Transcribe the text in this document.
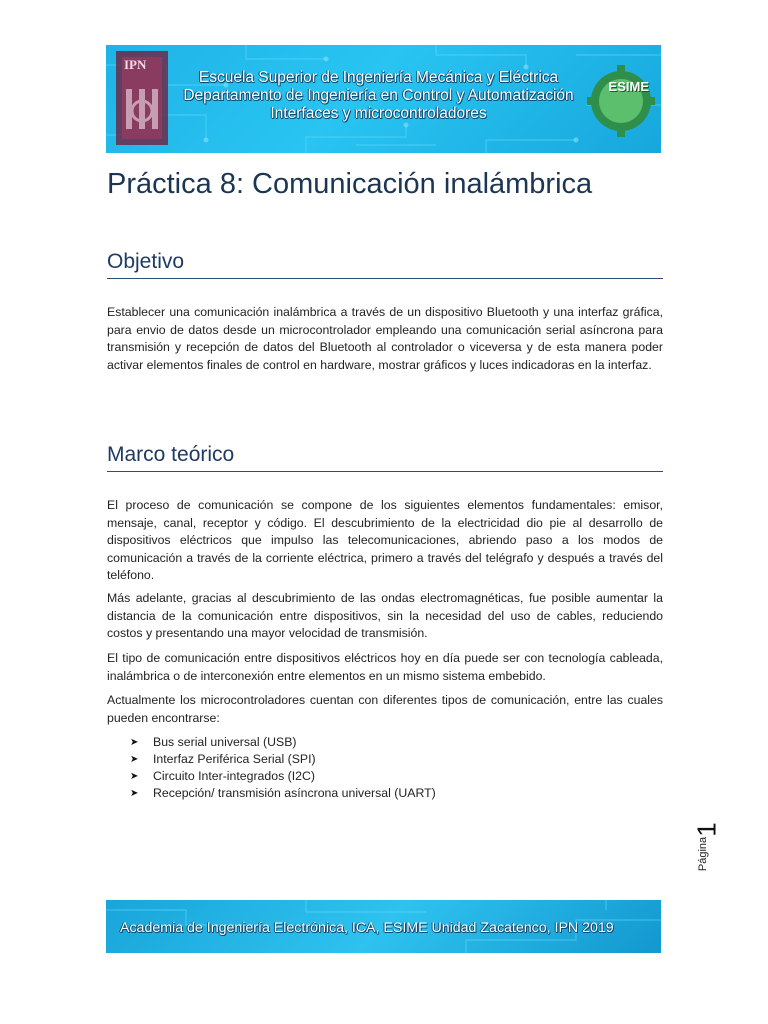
IPN
Escuela Superior de Ingeniería Mecánica y Eléctrica
Departamento de Ingeniería en Control y Automatización
Interfaces y microcontroladores
ESIME
Práctica 8: Comunicación inalámbrica
Objetivo

Establecer una comunicación inalámbrica a través de un dispositivo Bluetooth y una interfaz gráfica, para envio de datos desde un microcontrolador empleando una comunicación serial asíncrona para transmisión y recepción de datos del Bluetooth al controlador o viceversa y de esta manera poder activar elementos finales de control en hardware, mostrar gráficos y luces indicadoras en la interfaz.

Marco teórico

El proceso de comunicación se compone de los siguientes elementos fundamentales: emisor, mensaje, canal, receptor y código. El descubrimiento de la electricidad dio pie al desarrollo de dispositivos eléctricos que impulso las telecomunicaciones, abriendo paso a los modos de comunicación a través de la corriente eléctrica, primero a través del telégrafo y después a través del teléfono.

Más adelante, gracias al descubrimiento de las ondas electromagnéticas, fue posible aumentar la distancia de la comunicación entre dispositivos, sin la necesidad del uso de cables, reduciendo costos y presentando una mayor velocidad de transmisión.

El tipo de comunicación entre dispositivos eléctricos hoy en día puede ser con tecnología cableada, inalámbrica o de interconexión entre elementos en un mismo sistema embebido.

Actualmente los microcontroladores cuentan con diferentes tipos de comunicación, entre las cuales pueden encontrarse:

➤ Bus serial universal (USB)
➤ Interfaz Periférica Serial (SPI)
➤ Circuito Inter-integrados (I2C)
➤ Recepción/ transmisión asíncrona universal (UART)
1
Página
Academia de Ingeniería Electrónica, ICA, ESIME Unidad Zacatenco, IPN 2019
